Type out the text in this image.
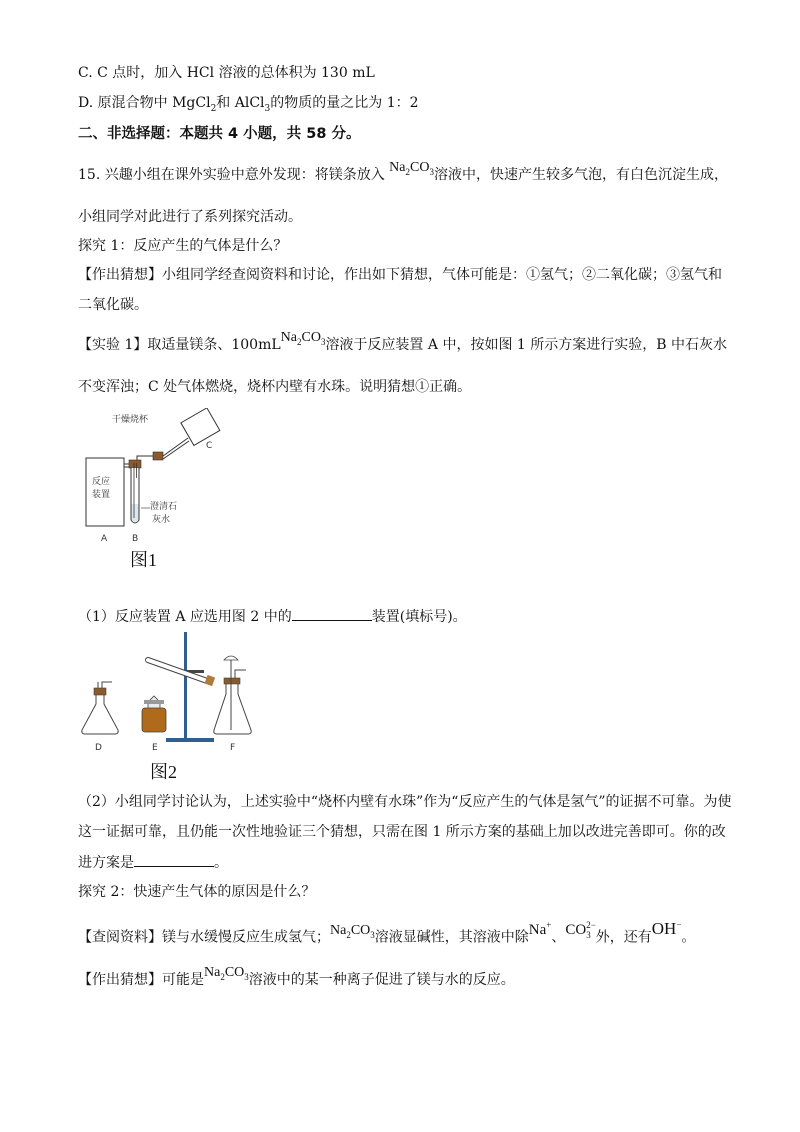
C. C 点时，加入 HCl 溶液的总体积为 130 mL
D. 原混合物中 MgCl$_2$和 AlCl$_3$的物质的量之比为 1：2
二、非选择题：本题共 4 小题，共 58 分。
15. 兴趣小组在课外实验中意外发现：将镁条放入 $Na_2CO_3$溶液中，快速产生较多气泡，有白色沉淀生成，
小组同学对此进行了系列探究活动。
探究 1：反应产生的气体是什么？
【作出猜想】小组同学经查阅资料和讨论，作出如下猜想，气体可能是：①氢气；②二氧化碳；③氢气和
二氧化碳。
【实验 1】取适量镁条、$100mLNa_2CO_3$溶液于反应装置 A 中，按如图 1 所示方案进行实验，B 中石灰水
不变浑浊；C 处气体燃烧，烧杯内壁有水珠。说明猜想①正确。
反应
装置
干燥烧杯
C
澄清石
灰水
A	B
图1
（1）反应装置 A 应选用图 2 中的	装置(填标号)。
D	E	F
图2
（2）小组同学讨论认为，上述实验中“烧杯内壁有水珠”作为“反应产生的气体是氢气”的证据不可靠。为使
这一证据可靠，且仍能一次性地验证三个猜想，只需在图 1 所示方案的基础上加以改进完善即可。你的改
进方案是	。
探究 2：快速产生气体的原因是什么？
【查阅资料】镁与水缓慢反应生成氢气；$Na_2CO_3$溶液显碱性，其溶液中除Na+、CO 2−
3 外，还有OH−。
【作出猜想】可能是$Na_2CO_3$溶液中的某一种离子促进了镁与水的反应。
